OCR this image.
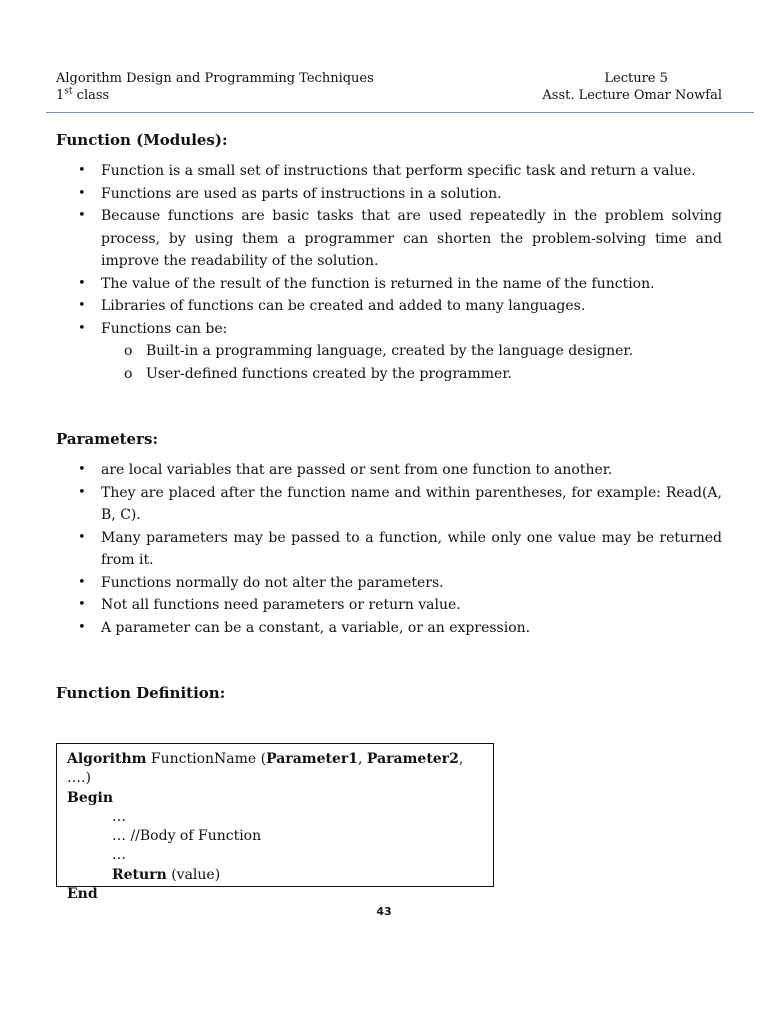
Algorithm Design and Programming Techniques
1st class
Lecture 5
Asst. Lecture Omar Nowfal
Function (Modules):
• Function is a small set of instructions that perform specific task and return a value.
• Functions are used as parts of instructions in a solution.
• Because functions are basic tasks that are used repeatedly in the problem solving process, by using them a programmer can shorten the problem-solving time and improve the readability of the solution.
• The value of the result of the function is returned in the name of the function.
• Libraries of functions can be created and added to many languages.
• Functions can be:
o Built-in a programming language, created by the language designer.
o User-defined functions created by the programmer.
Parameters:
• are local variables that are passed or sent from one function to another.
• They are placed after the function name and within parentheses, for example: Read(A, B, C).
• Many parameters may be passed to a function, while only one value may be returned from it.
• Functions normally do not alter the parameters.
• Not all functions need parameters or return value.
• A parameter can be a constant, a variable, or an expression.
Function Definition:
Algorithm FunctionName (Parameter1, Parameter2, ….)
Begin
…
… //Body of Function
…
Return (value)
End
43
